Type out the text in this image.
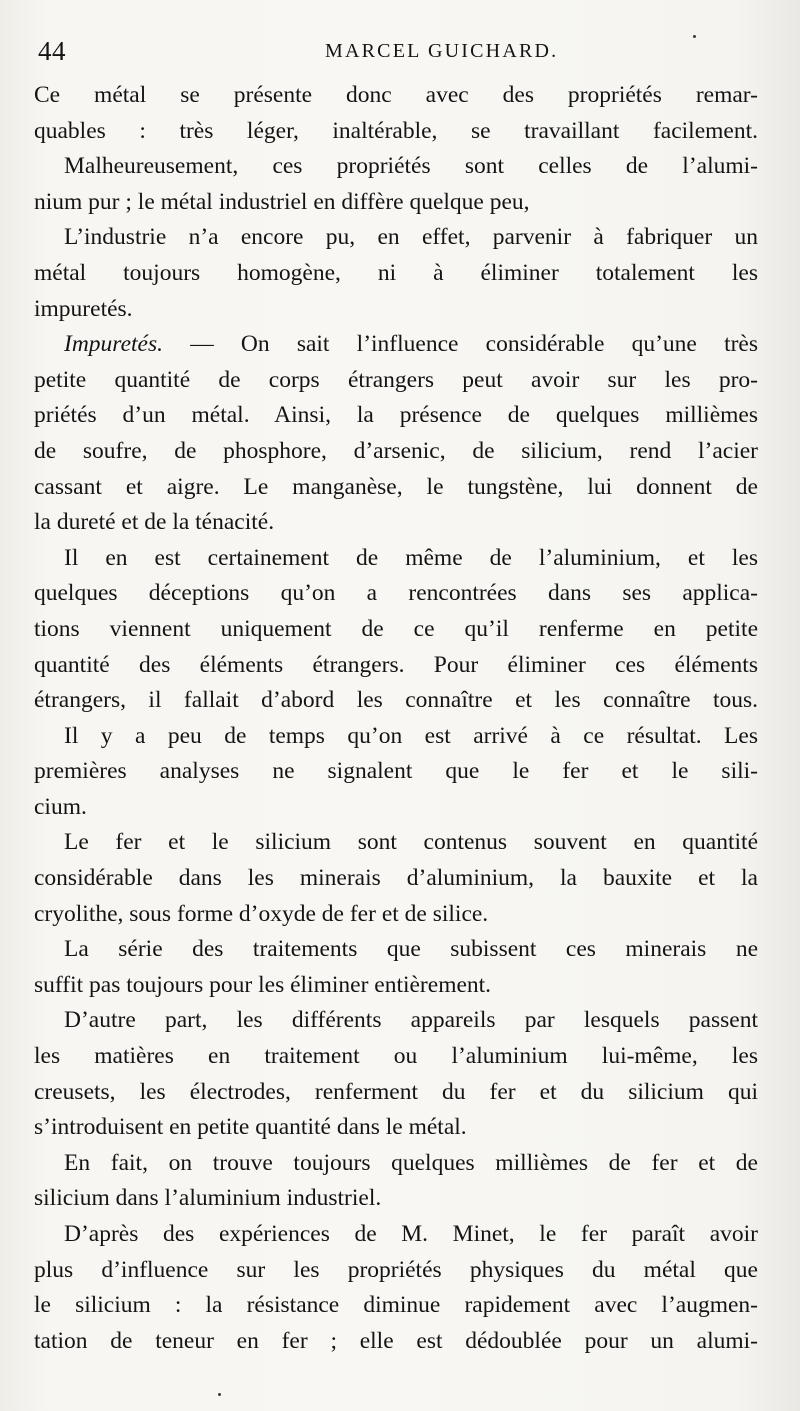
44	MARCEL GUICHARD.
Ce métal se présente donc avec des propriétés remar-
quables : très léger, inaltérable, se travaillant facilement.
Malheureusement, ces propriétés sont celles de l’alumi-
nium pur ; le métal industriel en diffère quelque peu,
L’industrie n’a encore pu, en effet, parvenir à fabriquer un
métal toujours homogène, ni à éliminer totalement les
impuretés.
Impuretés. — On sait l’influence considérable qu’une très
petite quantité de corps étrangers peut avoir sur les pro-
priétés d’un métal. Ainsi, la présence de quelques millièmes
de soufre, de phosphore, d’arsenic, de silicium, rend l’acier
cassant et aigre. Le manganèse, le tungstène, lui donnent de
la dureté et de la ténacité.
Il en est certainement de même de l’aluminium, et les
quelques déceptions qu’on a rencontrées dans ses applica-
tions viennent uniquement de ce qu’il renferme en petite
quantité des éléments étrangers. Pour éliminer ces éléments
étrangers, il fallait d’abord les connaître et les connaître tous.
Il y a peu de temps qu’on est arrivé à ce résultat. Les
premières analyses ne signalent que le fer et le sili-
cium.
Le fer et le silicium sont contenus souvent en quantité
considérable dans les minerais d’aluminium, la bauxite et la
cryolithe, sous forme d’oxyde de fer et de silice.
La série des traitements que subissent ces minerais ne
suffit pas toujours pour les éliminer entièrement.
D’autre part, les différents appareils par lesquels passent
les matières en traitement ou l’aluminium lui-même, les
creusets, les électrodes, renferment du fer et du silicium qui
s’introduisent en petite quantité dans le métal.
En fait, on trouve toujours quelques millièmes de fer et de
silicium dans l’aluminium industriel.
D’après des expériences de M. Minet, le fer paraît avoir
plus d’influence sur les propriétés physiques du métal que
le silicium : la résistance diminue rapidement avec l’augmen-
tation de teneur en fer ; elle est dédoublée pour un alumi-
